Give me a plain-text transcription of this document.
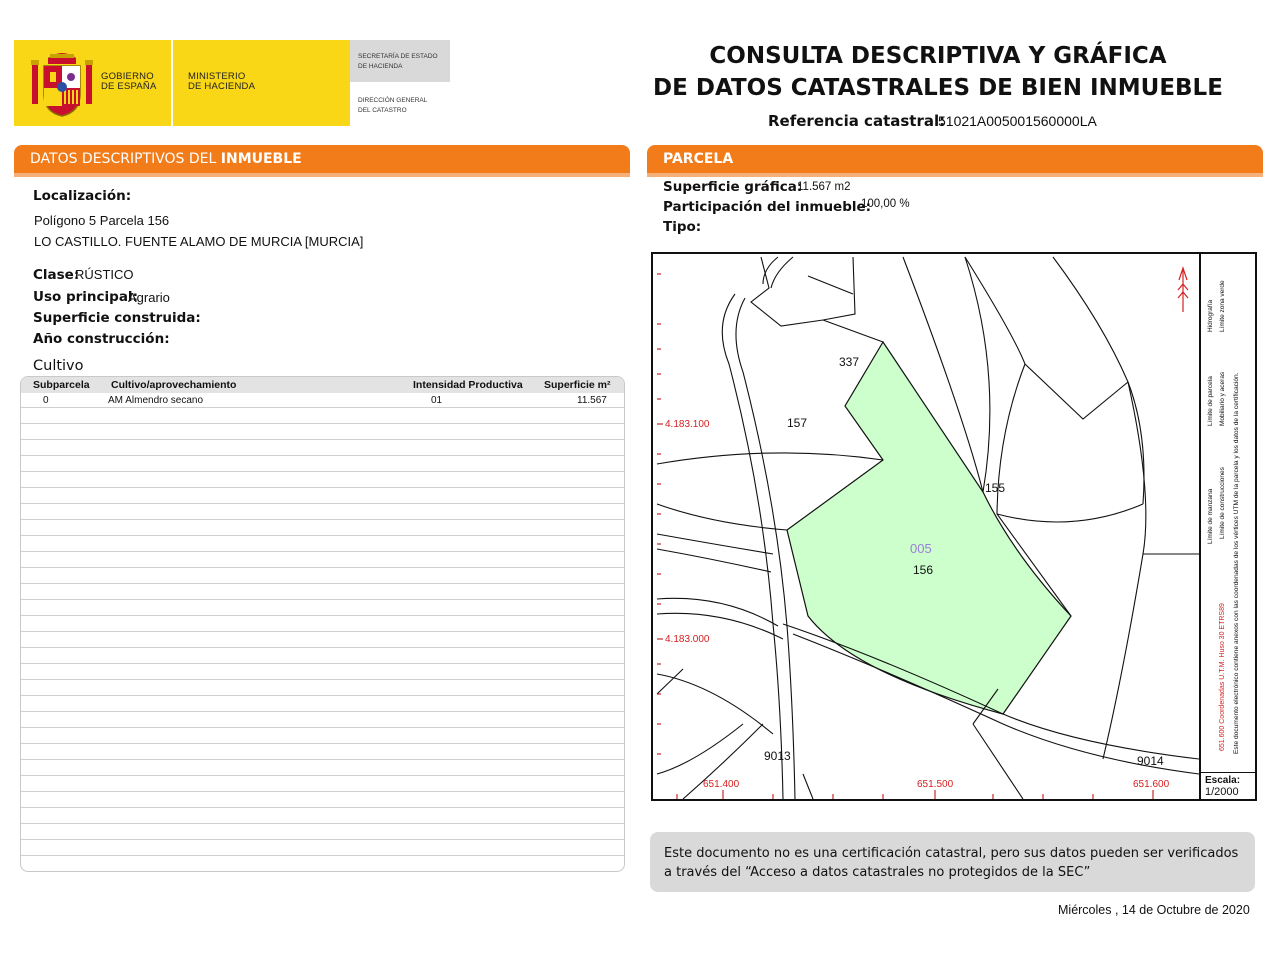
GOBIERNO
DE ESPAÑA
MINISTERIO
DE HACIENDA
SECRETARÍA DE ESTADO
DE HACIENDA
DIRECCIÓN GENERAL
DEL CATASTRO
CONSULTA DESCRIPTIVA Y GRÁFICA
DE DATOS CATASTRALES DE BIEN INMUEBLE
Referencia catastral:
51021A005001560000LA
DATOS DESCRIPTIVOS DEL INMUEBLE	PARCELA
Localización:
Polígono 5 Parcela 156
LO CASTILLO. FUENTE ALAMO DE MURCIA [MURCIA]
Clase:
RÚSTICO
Uso principal:
Agrario
Superficie construida:
Año construcción:
Cultivo
Subparcela Cultivo/aprovechamiento	Intensidad Productiva Superficie m²
0	AM Almendro secano	01	11.567
Superficie gráfica:
11.567 m2
Participación del inmueble:
100,00 %
Tipo:
337
157
155
005
156
9013	9014
4.183.100
4.183.000
651.400	651.500	651.600
651.600 Coordenadas U.T.M. Huso 30 ETRS89
Límite de manzana Límite de construcciones
Límite de parcela Mobiliario y aceras
Hidrografía Límite zona verde
Este documento electrónico contiene anexos con las coordenadas de los vértices UTM de la parcela y los datos de la certificación.
Escala:
1/2000
Este documento no es una certificación catastral, pero sus datos pueden ser verificados a través del “Acceso a datos catastrales no protegidos de la SEC”
Miércoles , 14 de Octubre de 2020
